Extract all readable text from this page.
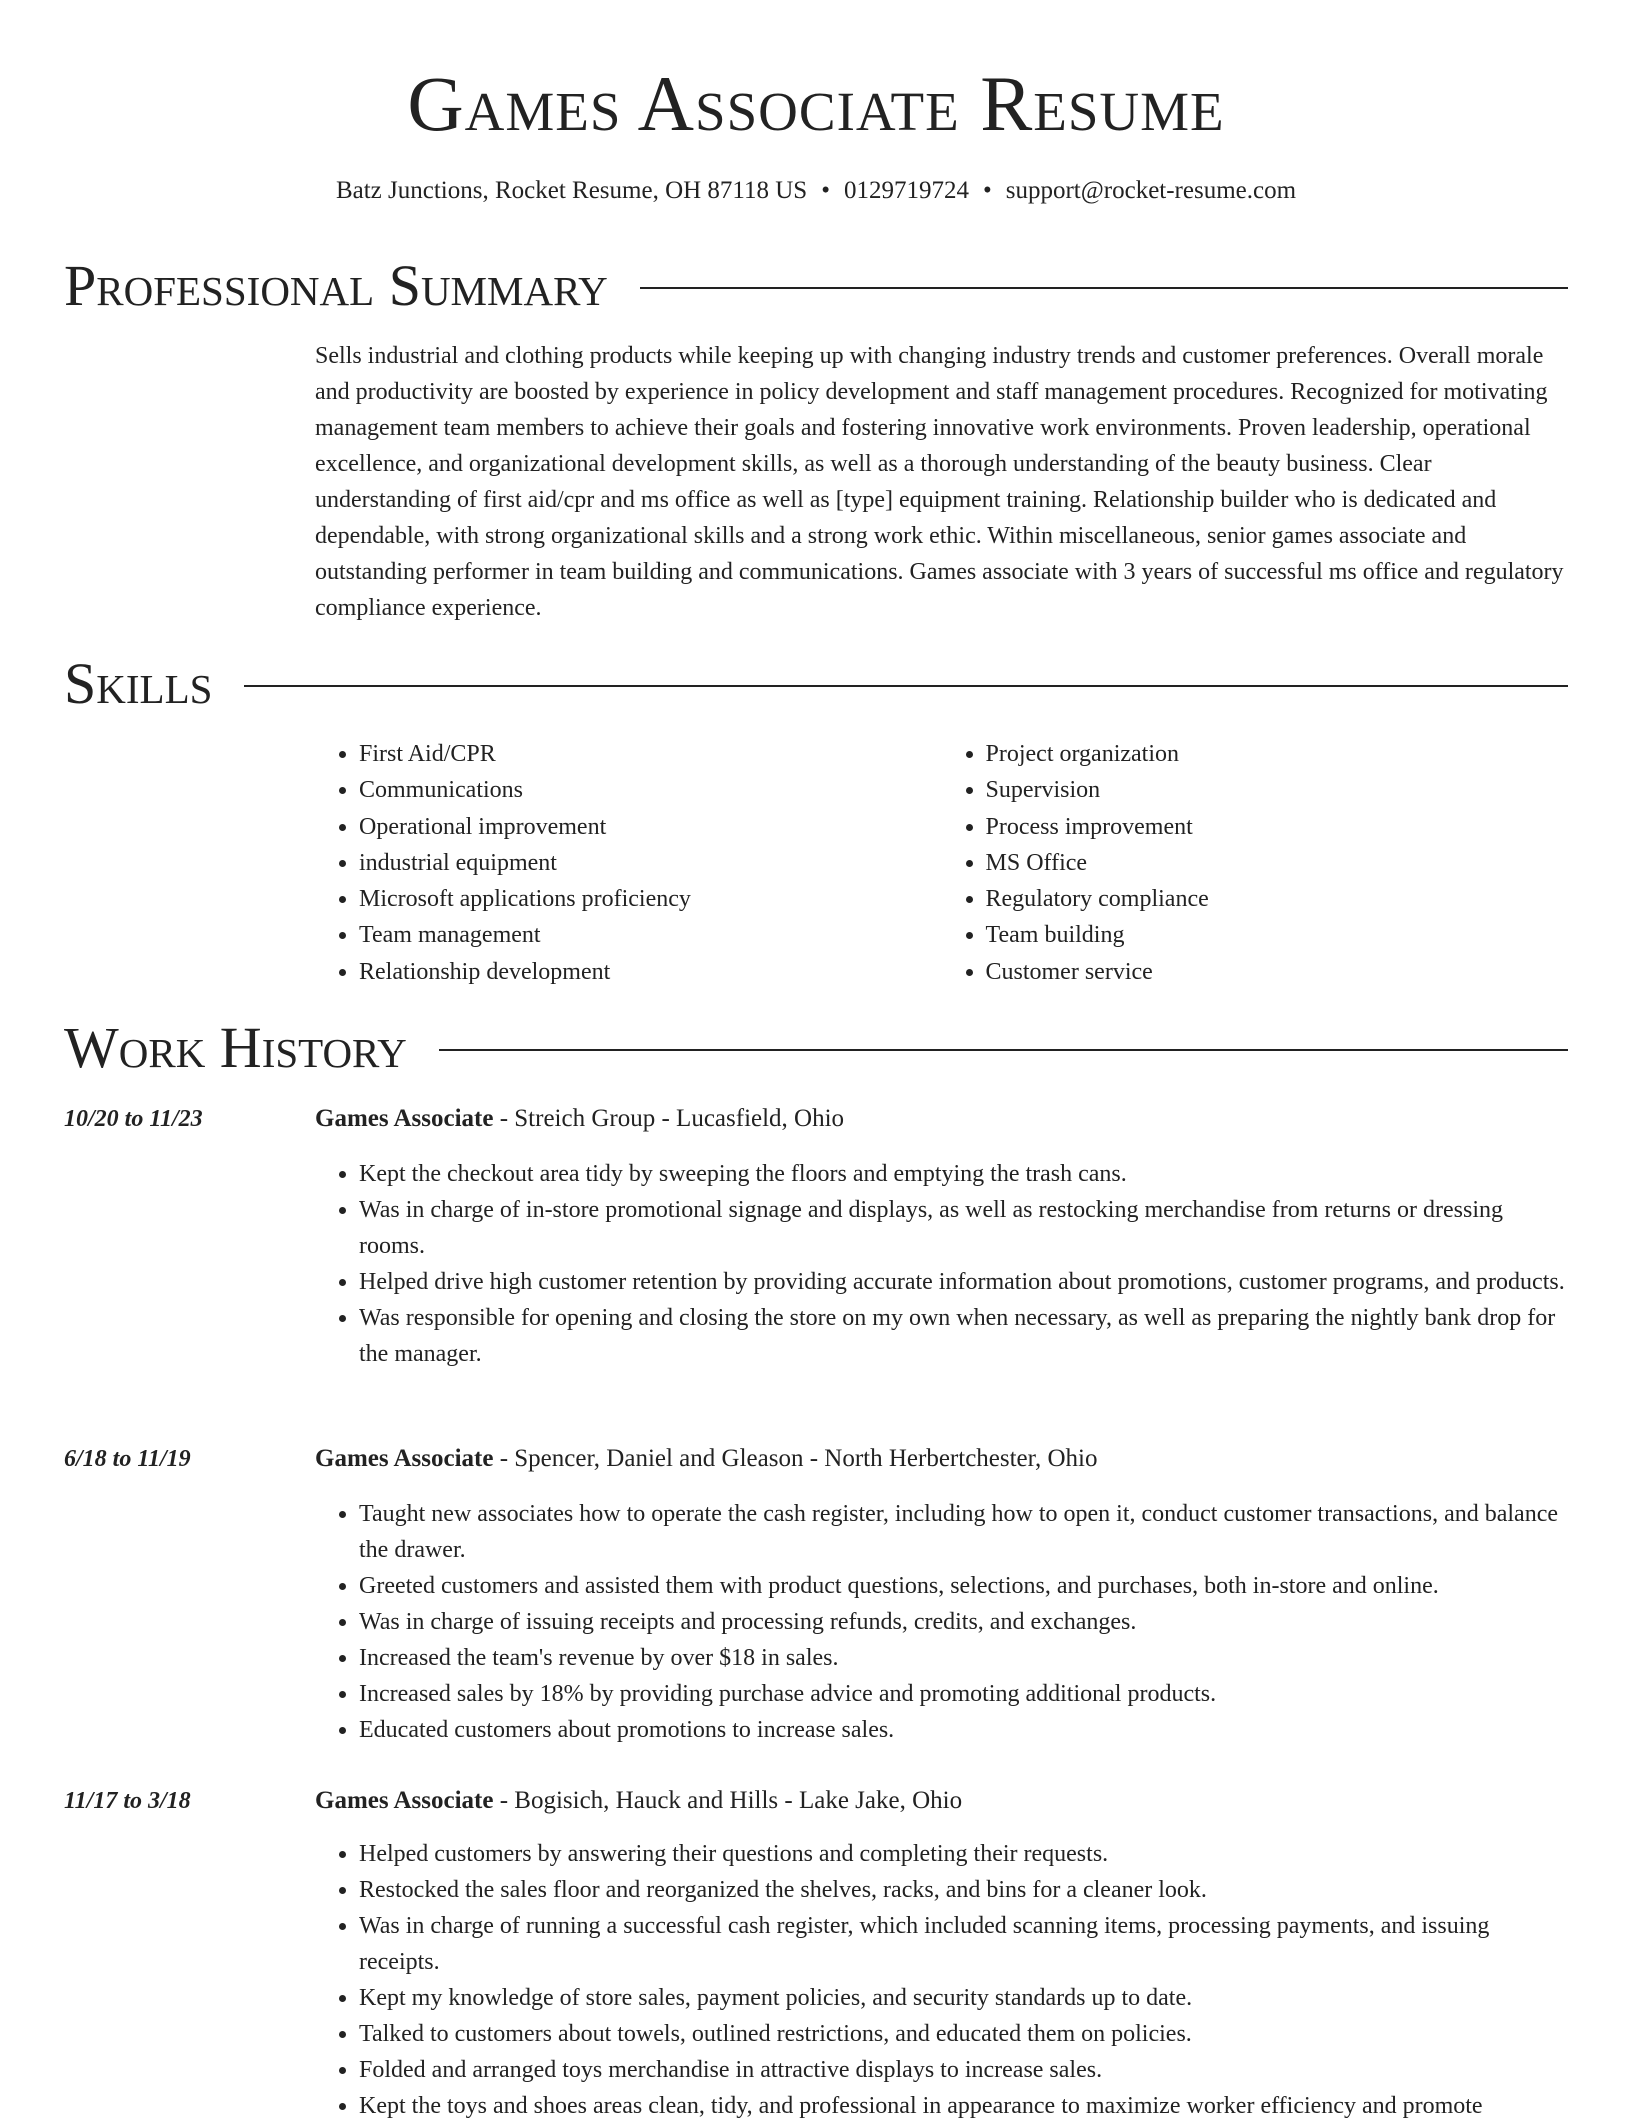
Games Associate Resume
Batz Junctions, Rocket Resume, OH 87118 US • 0129719724 • support@rocket-resume.com
Professional Summary

Sells industrial and clothing products while keeping up with changing industry trends and customer preferences. Overall morale and productivity are boosted by experience in policy development and staff management procedures. Recognized for motivating management team members to achieve their goals and fostering innovative work environments. Proven leadership, operational excellence, and organizational development skills, as well as a thorough understanding of the beauty business. Clear understanding of first aid/cpr and ms office as well as [type] equipment training. Relationship builder who is dedicated and dependable, with strong organizational skills and a strong work ethic. Within miscellaneous, senior games associate and outstanding performer in team building and communications. Games associate with 3 years of successful ms office and regulatory compliance experience.

Skills
• First Aid/CPR
• Communications
• Operational improvement
• industrial equipment
• Microsoft applications proficiency
• Team management
• Relationship development
• Project organization
• Supervision
• Process improvement
• MS Office
• Regulatory compliance
• Team building
• Customer service
Work History
10/20 to 11/23	Games Associate - Streich Group - Lucasfield, Ohio
• Kept the checkout area tidy by sweeping the floors and emptying the trash cans.
• Was in charge of in-store promotional signage and displays, as well as restocking merchandise from returns or dressing rooms.
• Helped drive high customer retention by providing accurate information about promotions, customer programs, and products.
• Was responsible for opening and closing the store on my own when necessary, as well as preparing the nightly bank drop for the manager.
6/18 to 11/19	Games Associate - Spencer, Daniel and Gleason - North Herbertchester, Ohio
• Taught new associates how to operate the cash register, including how to open it, conduct customer transactions, and balance the drawer.
• Greeted customers and assisted them with product questions, selections, and purchases, both in-store and online.
• Was in charge of issuing receipts and processing refunds, credits, and exchanges.
• Increased the team's revenue by over $18 in sales.
• Increased sales by 18% by providing purchase advice and promoting additional products.
• Educated customers about promotions to increase sales.
11/17 to 3/18	Games Associate - Bogisich, Hauck and Hills - Lake Jake, Ohio
• Helped customers by answering their questions and completing their requests.
• Restocked the sales floor and reorganized the shelves, racks, and bins for a cleaner look.
• Was in charge of running a successful cash register, which included scanning items, processing payments, and issuing receipts.
• Kept my knowledge of store sales, payment policies, and security standards up to date.
• Talked to customers about towels, outlined restrictions, and educated them on policies.
• Folded and arranged toys merchandise in attractive displays to increase sales.
• Kept the toys and shoes areas clean, tidy, and professional in appearance to maximize worker efficiency and promote
